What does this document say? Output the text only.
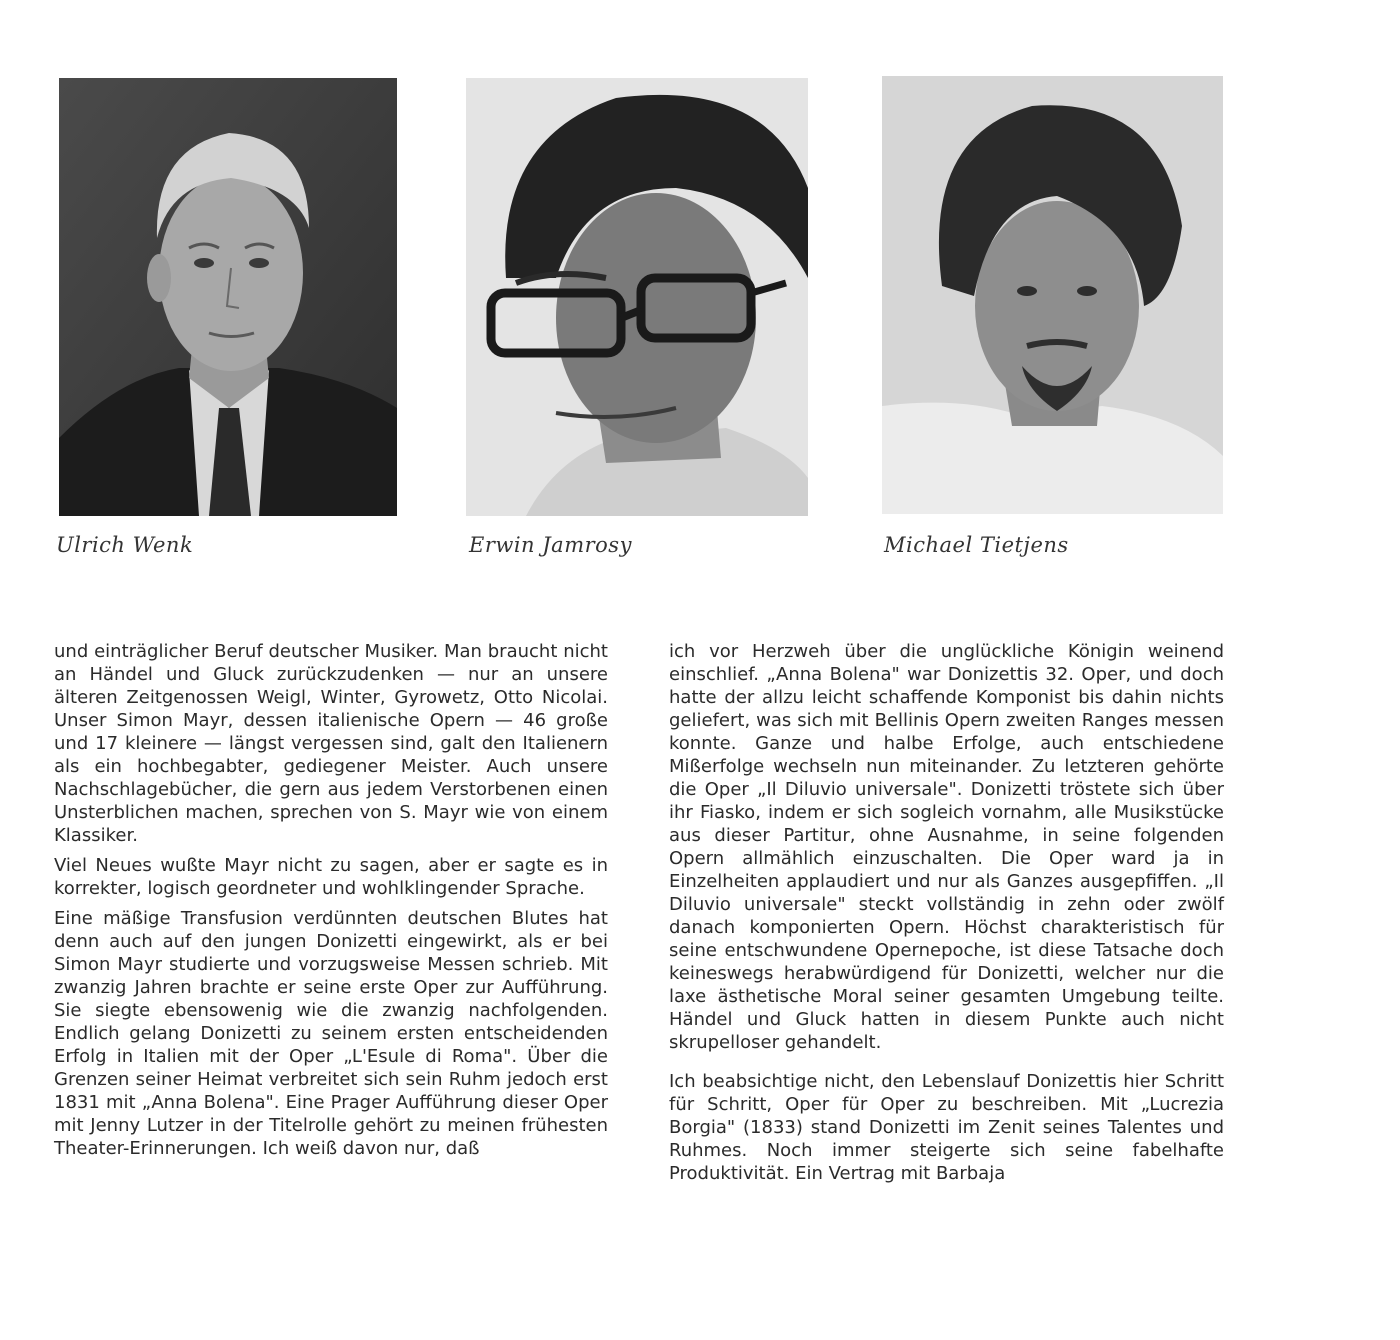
Ulrich Wenk	Erwin Jamrosy	Michael Tietjens

und einträglicher Beruf deutscher Musiker. Man braucht nicht an Händel und Gluck zurückzudenken — nur an unsere älteren Zeitgenossen Weigl, Winter, Gyrowetz, Otto Nicolai. Unser Simon Mayr, dessen italienische Opern — 46 große und 17 kleinere — längst vergessen sind, galt den Italienern als ein hochbegabter, gediegener Meister. Auch unsere Nachschlagebücher, die gern aus jedem Verstorbenen einen Unsterblichen machen, sprechen von S. Mayr wie von einem Klassiker.

Viel Neues wußte Mayr nicht zu sagen, aber er sagte es in korrekter, logisch geordneter und wohlklingender Sprache.

Eine mäßige Transfusion verdünnten deutschen Blutes hat denn auch auf den jungen Donizetti eingewirkt, als er bei Simon Mayr studierte und vorzugsweise Messen schrieb. Mit zwanzig Jahren brachte er seine erste Oper zur Aufführung. Sie siegte ebensowenig wie die zwanzig nachfolgenden. Endlich gelang Donizetti zu seinem ersten entscheidenden Erfolg in Italien mit der Oper „L'Esule di Roma". Über die Grenzen seiner Heimat verbreitet sich sein Ruhm jedoch erst 1831 mit „Anna Bolena". Eine Prager Aufführung dieser Oper mit Jenny Lutzer in der Titelrolle gehört zu meinen frühesten Theater-Erinnerungen. Ich weiß davon nur, daß

ich vor Herzweh über die unglückliche Königin weinend einschlief. „Anna Bolena" war Donizettis 32. Oper, und doch hatte der allzu leicht schaffende Komponist bis dahin nichts geliefert, was sich mit Bellinis Opern zweiten Ranges messen konnte. Ganze und halbe Erfolge, auch entschiedene Mißerfolge wechseln nun miteinander. Zu letzteren gehörte die Oper „Il Diluvio universale". Donizetti tröstete sich über ihr Fiasko, indem er sich sogleich vornahm, alle Musikstücke aus dieser Partitur, ohne Ausnahme, in seine folgenden Opern allmählich einzuschalten. Die Oper ward ja in Einzelheiten applaudiert und nur als Ganzes ausgepfiffen. „Il Diluvio universale" steckt vollständig in zehn oder zwölf danach komponierten Opern. Höchst charakteristisch für seine entschwundene Opernepoche, ist diese Tatsache doch keineswegs herabwürdigend für Donizetti, welcher nur die laxe ästhetische Moral seiner gesamten Umgebung teilte. Händel und Gluck hatten in diesem Punkte auch nicht skrupelloser gehandelt.

Ich beabsichtige nicht, den Lebenslauf Donizettis hier Schritt für Schritt, Oper für Oper zu beschreiben. Mit „Lucrezia Borgia" (1833) stand Donizetti im Zenit seines Talentes und Ruhmes. Noch immer steigerte sich seine fabelhafte Produktivität. Ein Vertrag mit Barbaja
